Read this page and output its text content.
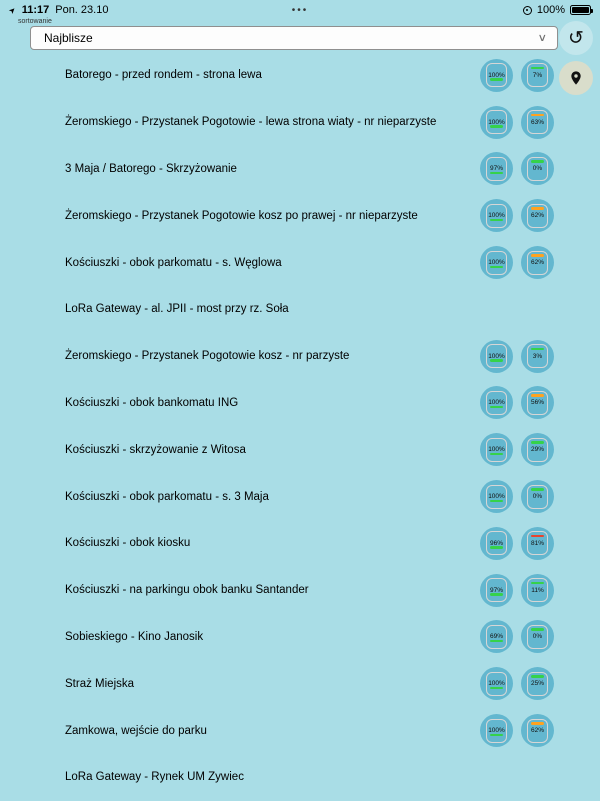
➤ 11:17 Pon. 23.10	•••	100%
sortowanie
Najblisze	∨ ↺
Batorego - przed rondem - strona lewa	100%	7%
Żeromskiego - Przystanek Pogotowie - lewa strona wiaty - nr nieparzyste	100%	63%
3 Maja / Batorego - Skrzyżowanie	97%	0%
Żeromskiego - Przystanek Pogotowie kosz po prawej - nr nieparzyste	100%	62%
Kościuszki - obok parkomatu - s. Węglowa	100%	62%
LoRa Gateway - al. JPII - most przy rz. Soła
Żeromskiego - Przystanek Pogotowie kosz - nr parzyste	100%	3%
Kościuszki - obok bankomatu ING	100%	56%
Kościuszki - skrzyżowanie z Witosa	100%	29%
Kościuszki - obok parkomatu - s. 3 Maja	100%	0%
Kościuszki - obok kiosku	96%	81%
Kościuszki - na parkingu obok banku Santander	97%	11%
Sobieskiego - Kino Janosik	69%	0%
Straż Miejska	100%	25%
Zamkowa, wejście do parku	100%	62%
LoRa Gateway - Rynek UM Zywiec
